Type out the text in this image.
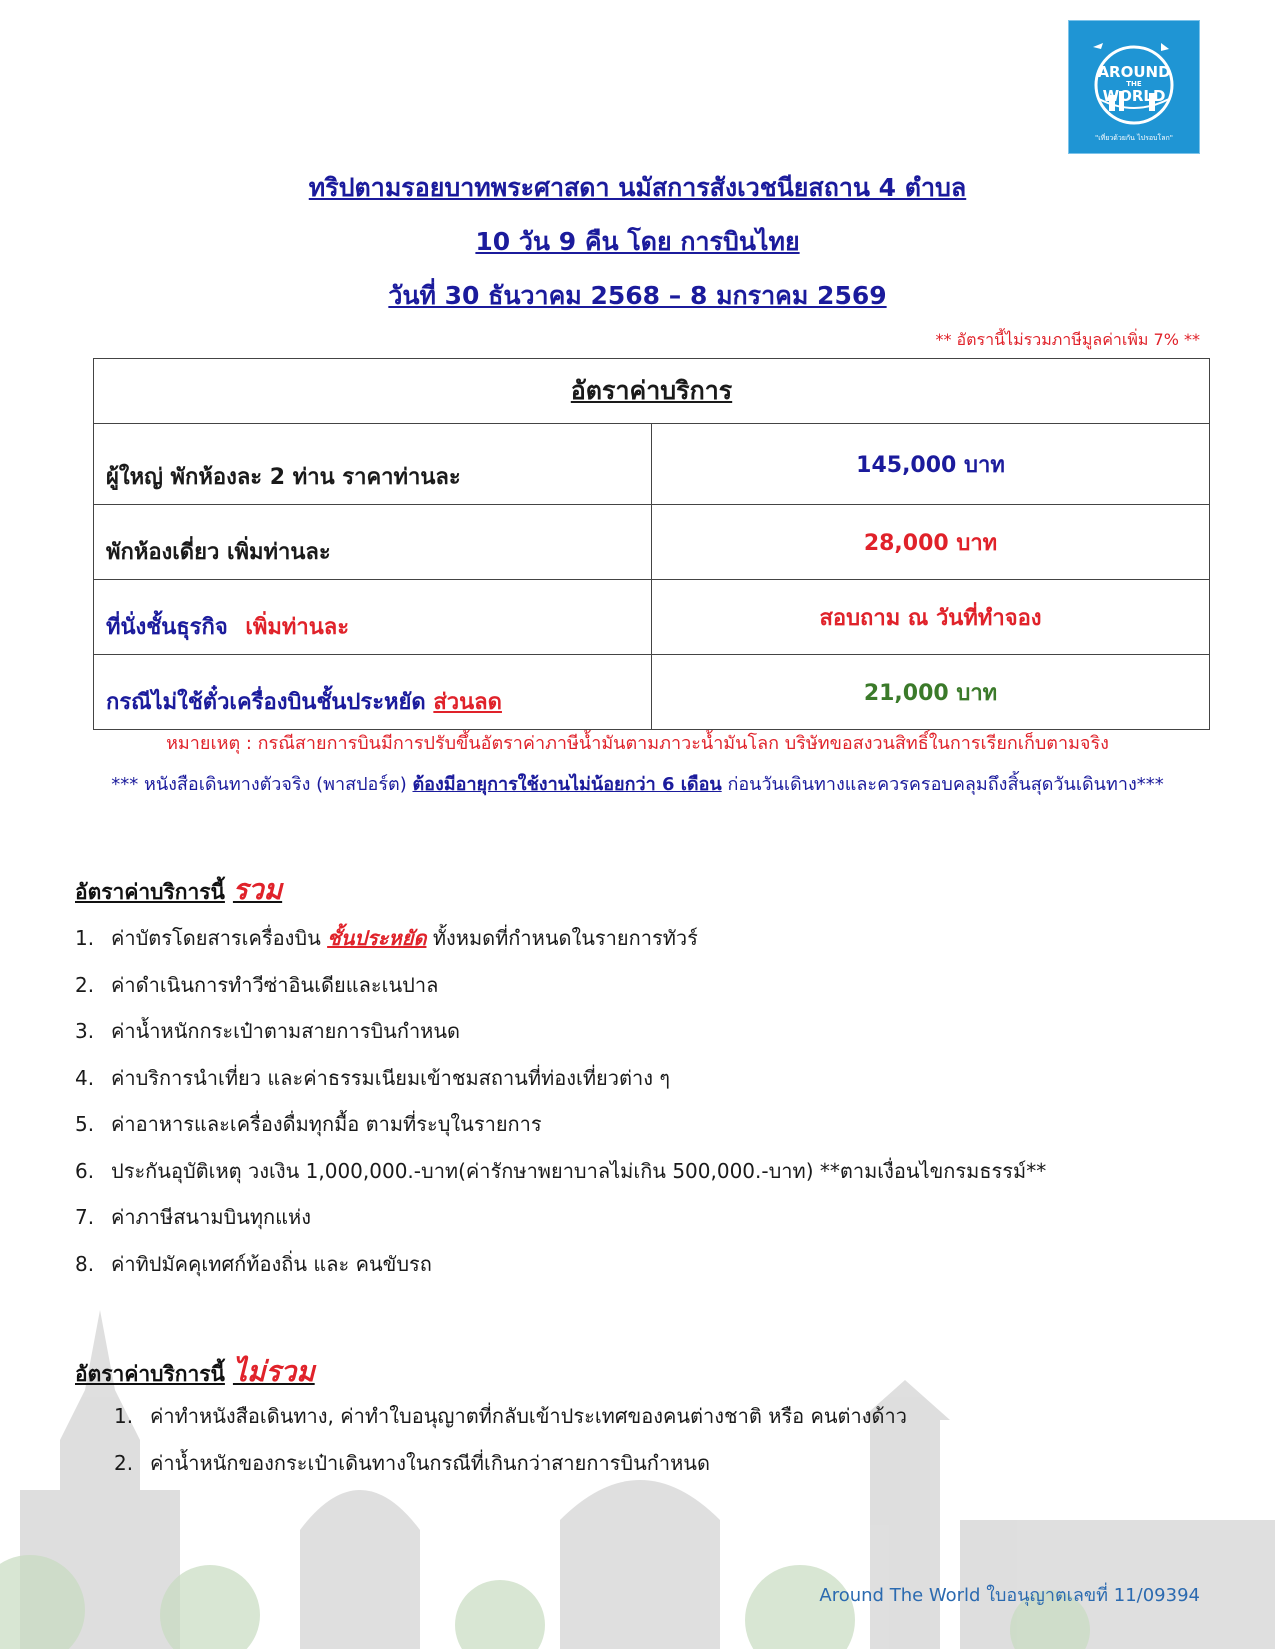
AROUND
THE
WORLD
"เที่ยวด้วยกัน ไปรอบโลก"
ทริปตามรอยบาทพระศาสดา นมัสการสังเวชนียสถาน 4 ตำบล
10 วัน 9 คืน โดย การบินไทย
วันที่ 30 ธันวาคม 2568 – 8 มกราคม 2569
** อัตรานี้ไม่รวมภาษีมูลค่าเพิ่ม 7% **
อัตราค่าบริการ	
ผู้ใหญ่ พักห้องละ 2 ท่าน ราคาท่านละ	145,000 บาท
พักห้องเดี่ยว เพิ่มท่านละ	28,000 บาท
ที่นั่งชั้นธุรกิจ เพิ่มท่านละ	สอบถาม ณ วันที่ทำจอง
กรณีไม่ใช้ตั๋วเครื่องบินชั้นประหยัด ส่วนลด	21,000 บาท
หมายเหตุ : กรณีสายการบินมีการปรับขึ้นอัตราค่าภาษีน้ำมันตามภาวะน้ำมันโลก บริษัทขอสงวนสิทธิ์ในการเรียกเก็บตามจริง
*** หนังสือเดินทางตัวจริง (พาสปอร์ต) ต้องมีอายุการใช้งานไม่น้อยกว่า 6 เดือน ก่อนวันเดินทางและควรครอบคลุมถึงสิ้นสุดวันเดินทาง***
อัตราค่าบริการนี้ รวม
1. ค่าบัตรโดยสารเครื่องบิน ชั้นประหยัด ทั้งหมดที่กำหนดในรายการทัวร์
2. ค่าดำเนินการทำวีซ่าอินเดียและเนปาล
3. ค่าน้ำหนักกระเป๋าตามสายการบินกำหนด
4. ค่าบริการนำเที่ยว และค่าธรรมเนียมเข้าชมสถานที่ท่องเที่ยวต่าง ๆ
5. ค่าอาหารและเครื่องดื่มทุกมื้อ ตามที่ระบุในรายการ
6. ประกันอุบัติเหตุ วงเงิน 1,000,000.-บาท(ค่ารักษาพยาบาลไม่เกิน 500,000.-บาท) **ตามเงื่อนไขกรมธรรม์**
7. ค่าภาษีสนามบินทุกแห่ง
8. ค่าทิปมัคคุเทศก์ท้องถิ่น และ คนขับรถ
อัตราค่าบริการนี้ ไม่รวม
1. ค่าทำหนังสือเดินทาง, ค่าทำใบอนุญาตที่กลับเข้าประเทศของคนต่างชาติ หรือ คนต่างด้าว
2. ค่าน้ำหนักของกระเป๋าเดินทางในกรณีที่เกินกว่าสายการบินกำหนด
Around The World ใบอนุญาตเลขที่ 11/09394
